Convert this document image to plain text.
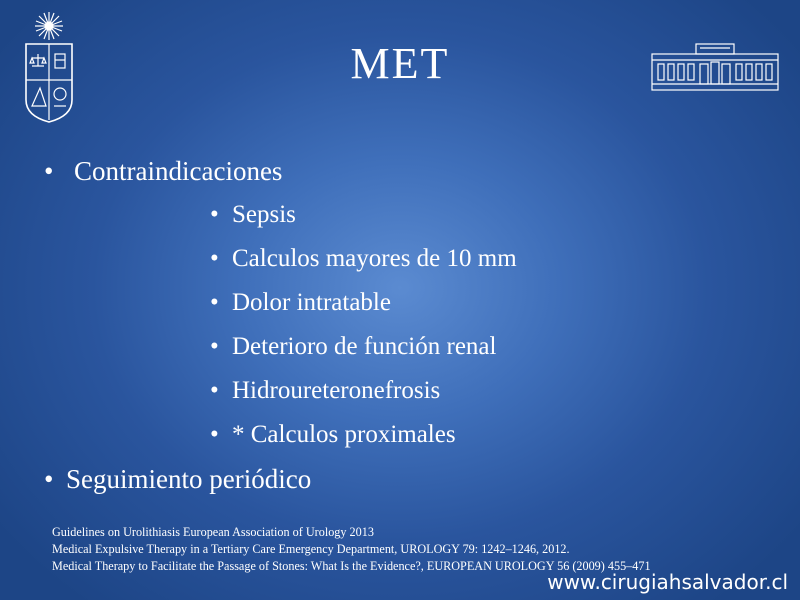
MET
• Contraindicaciones
• Sepsis
• Calculos mayores de 10 mm
• Dolor intratable
• Deterioro de función renal
• Hidroureteronefrosis
• * Calculos proximales
• Seguimiento periódico
Guidelines on Urolithiasis European Association of Urology 2013
Medical Expulsive Therapy in a Tertiary Care Emergency Department, UROLOGY 79: 1242–1246, 2012.
Medical Therapy to Facilitate the Passage of Stones: What Is the Evidence?, EUROPEAN UROLOGY 56 (2009) 455–471
www.cirugiahsalvador.cl
